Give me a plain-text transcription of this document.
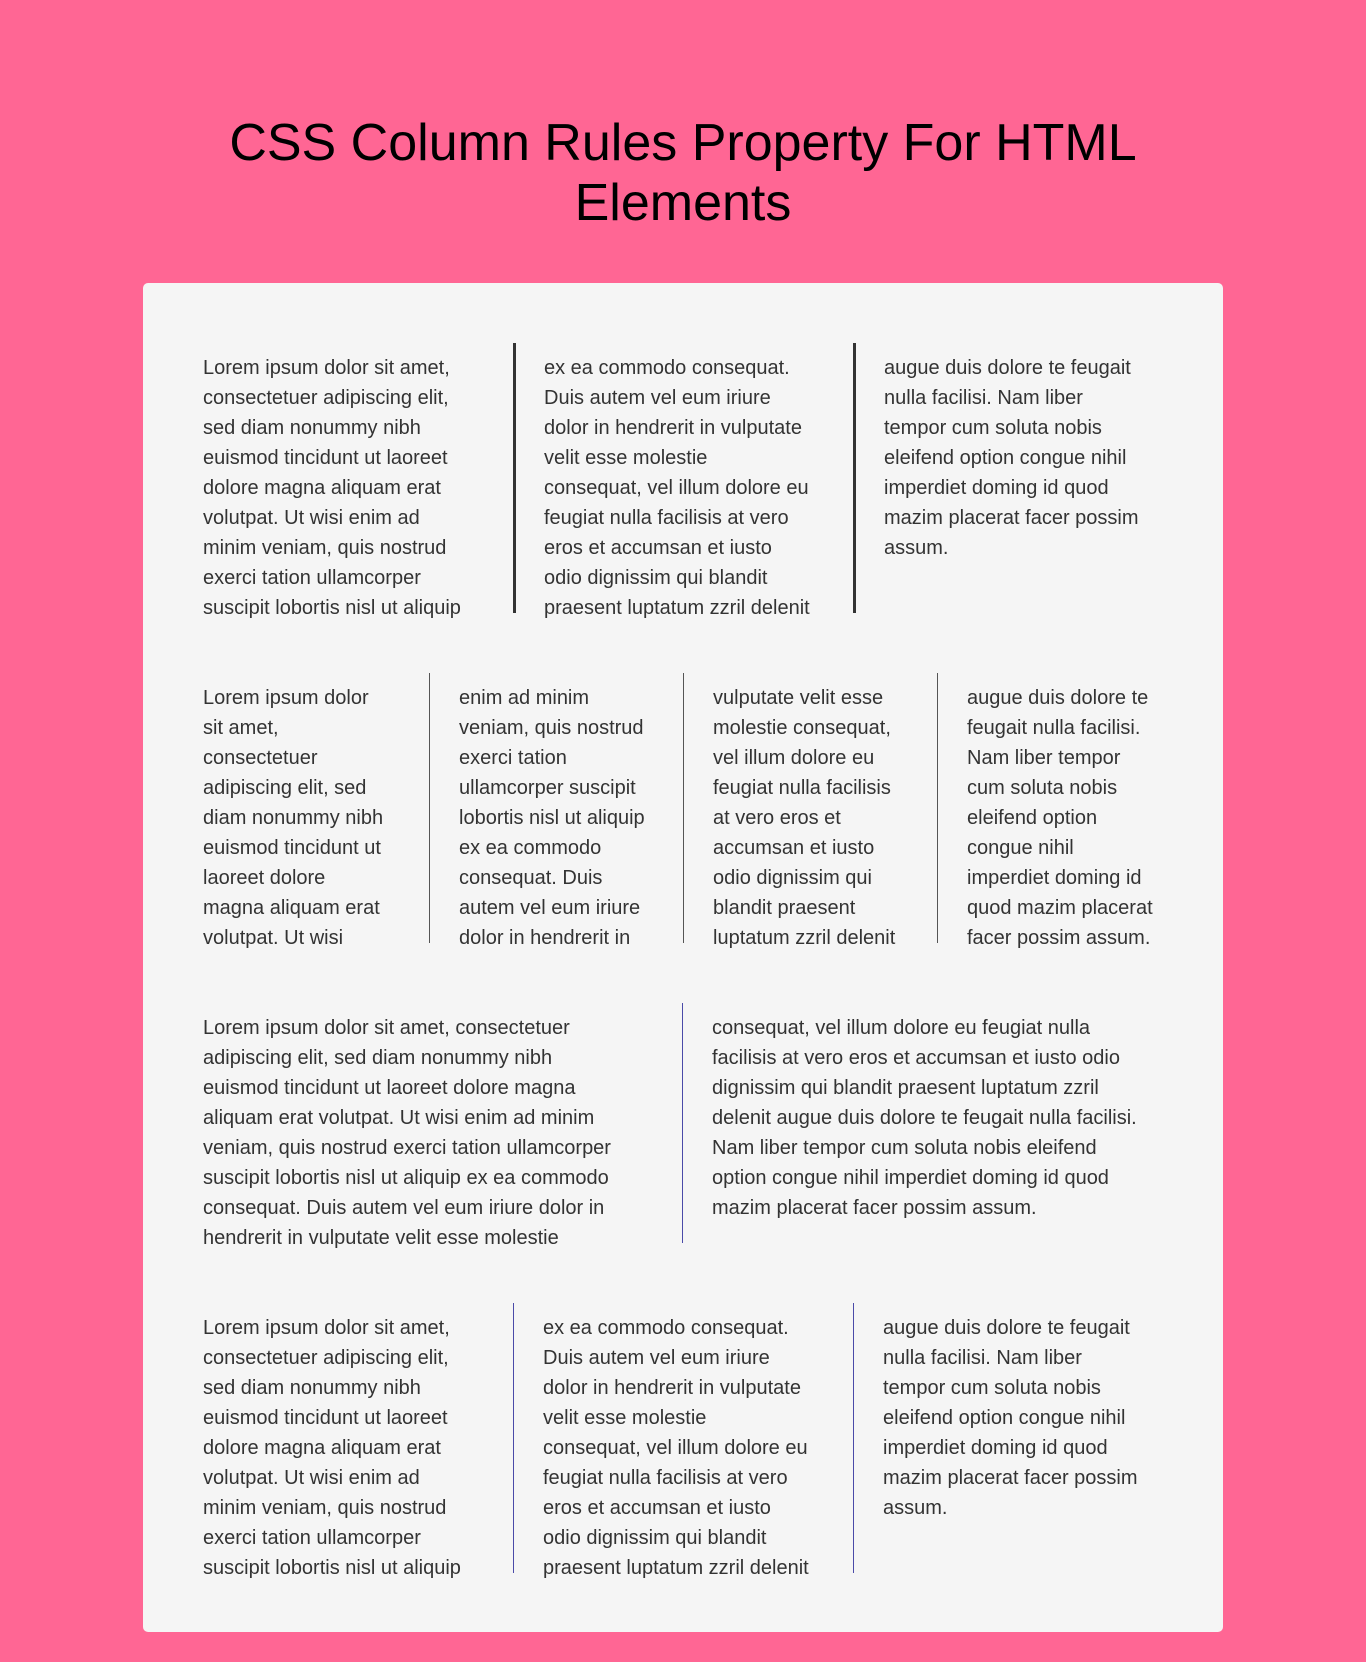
CSS Column Rules Property For HTML
Elements
Lorem ipsum dolor sit amet,
consectetuer adipiscing elit,
sed diam nonummy nibh
euismod tincidunt ut laoreet
dolore magna aliquam erat
volutpat. Ut wisi enim ad
minim veniam, quis nostrud
exerci tation ullamcorper
suscipit lobortis nisl ut aliquip
ex ea commodo consequat.
Duis autem vel eum iriure
dolor in hendrerit in vulputate
velit esse molestie
consequat, vel illum dolore eu
feugiat nulla facilisis at vero
eros et accumsan et iusto
odio dignissim qui blandit
praesent luptatum zzril delenit
augue duis dolore te feugait
nulla facilisi. Nam liber
tempor cum soluta nobis
eleifend option congue nihil
imperdiet doming id quod
mazim placerat facer possim
assum.
Lorem ipsum dolor
sit amet,
consectetuer
adipiscing elit, sed
diam nonummy nibh
euismod tincidunt ut
laoreet dolore
magna aliquam erat
volutpat. Ut wisi
enim ad minim
veniam, quis nostrud
exerci tation
ullamcorper suscipit
lobortis nisl ut aliquip
ex ea commodo
consequat. Duis
autem vel eum iriure
dolor in hendrerit in
vulputate velit esse
molestie consequat,
vel illum dolore eu
feugiat nulla facilisis
at vero eros et
accumsan et iusto
odio dignissim qui
blandit praesent
luptatum zzril delenit
augue duis dolore te
feugait nulla facilisi.
Nam liber tempor
cum soluta nobis
eleifend option
congue nihil
imperdiet doming id
quod mazim placerat
facer possim assum.
Lorem ipsum dolor sit amet, consectetuer
adipiscing elit, sed diam nonummy nibh
euismod tincidunt ut laoreet dolore magna
aliquam erat volutpat. Ut wisi enim ad minim
veniam, quis nostrud exerci tation ullamcorper
suscipit lobortis nisl ut aliquip ex ea commodo
consequat. Duis autem vel eum iriure dolor in
hendrerit in vulputate velit esse molestie
consequat, vel illum dolore eu feugiat nulla
facilisis at vero eros et accumsan et iusto odio
dignissim qui blandit praesent luptatum zzril
delenit augue duis dolore te feugait nulla facilisi.
Nam liber tempor cum soluta nobis eleifend
option congue nihil imperdiet doming id quod
mazim placerat facer possim assum.
Lorem ipsum dolor sit amet,
consectetuer adipiscing elit,
sed diam nonummy nibh
euismod tincidunt ut laoreet
dolore magna aliquam erat
volutpat. Ut wisi enim ad
minim veniam, quis nostrud
exerci tation ullamcorper
suscipit lobortis nisl ut aliquip
ex ea commodo consequat.
Duis autem vel eum iriure
dolor in hendrerit in vulputate
velit esse molestie
consequat, vel illum dolore eu
feugiat nulla facilisis at vero
eros et accumsan et iusto
odio dignissim qui blandit
praesent luptatum zzril delenit
augue duis dolore te feugait
nulla facilisi. Nam liber
tempor cum soluta nobis
eleifend option congue nihil
imperdiet doming id quod
mazim placerat facer possim
assum.
